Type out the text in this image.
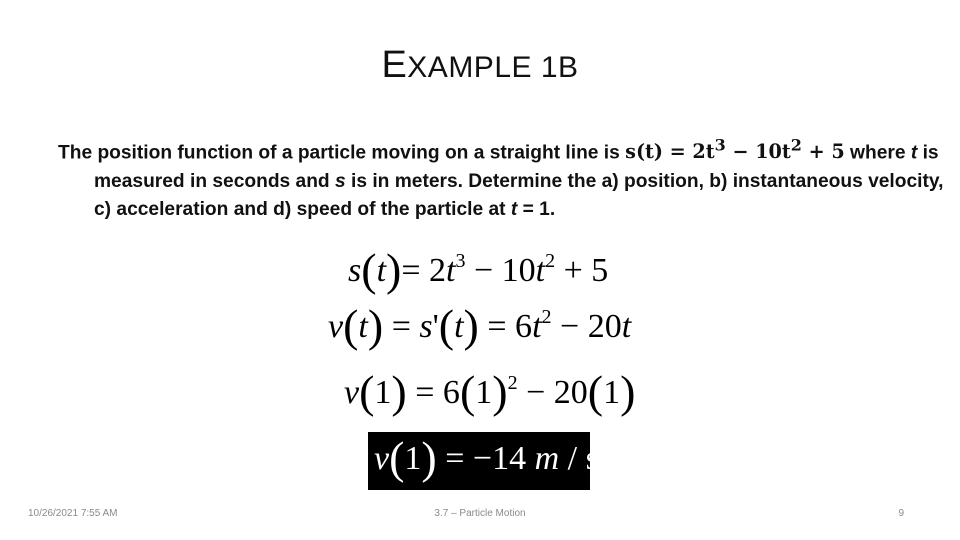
EXAMPLE 1B
The position function of a particle moving on a straight line is $s(t) = 2t^3 - 10t^2 + 5$ where t is measured in seconds and s is in meters. Determine the a) position, b) instantaneous velocity, c) acceleration and d) speed of the particle at t = 1.
$s(t)= 2t^3 - 10t^2 + 5$
$v(t) = s'(t) = 6t^2 - 20t$
$v(1) = 6(1)^2 - 20(1)$
v(1) = −14 m / s
10/26/2021 7:55 AM	3.7 – Particle Motion	9
